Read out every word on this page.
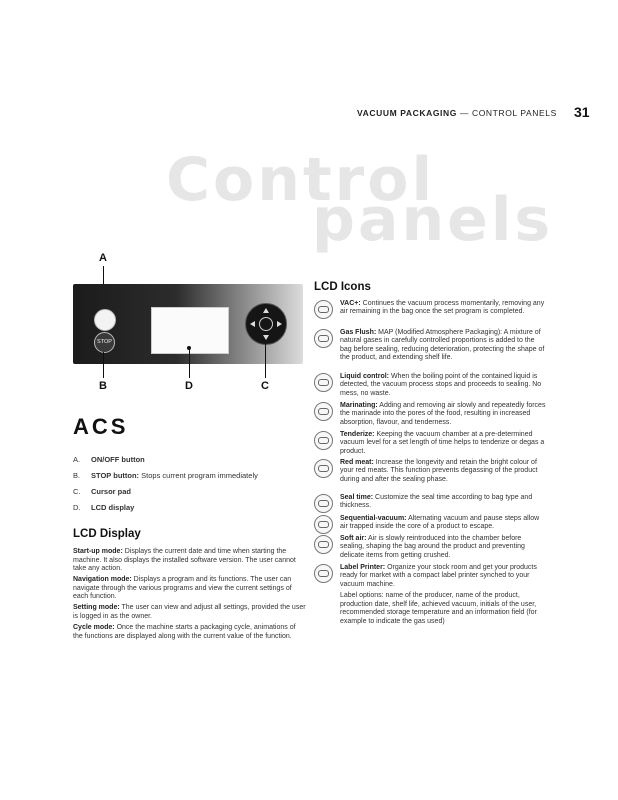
VACUUM PACKAGING — CONTROL PANELS 31
Control
panels
A
STOP
B	D	C
ACS
A. ON/OFF button
B. STOP button: Stops current program immediately
C. Cursor pad
D. LCD display
LCD Display
Start-up mode: Displays the current date and time when starting the machine. It also displays the installed software version. The user cannot take any action.
Navigation mode: Displays a program and its functions. The user can navigate through the various programs and view the current settings of each function.
Setting mode: The user can view and adjust all settings, provided the user is logged in as the owner.
Cycle mode: Once the machine starts a packaging cycle, animations of the functions are displayed along with the current value of the function.
LCD Icons
VAC+: Continues the vacuum process momentarily, removing any air remaining in the bag once the set program is completed.
Gas Flush: MAP (Modified Atmosphere Packaging): A mixture of natural gases in carefully controlled proportions is added to the bag before sealing, reducing deterioration, protecting the shape of the product, and extending shelf life.
Liquid control: When the boiling point of the contained liquid is detected, the vacuum process stops and proceeds to sealing. No mess, no waste.
Marinating: Adding and removing air slowly and repeatedly forces the marinade into the pores of the food, resulting in increased absorption, flavour, and tenderness.
Tenderize: Keeping the vacuum chamber at a pre-determined vacuum level for a set length of time helps to tenderize or degas a product.
Red meat: Increase the longevity and retain the bright colour of your red meats. This function prevents degassing of the product during and after the sealing phase.
Seal time: Customize the seal time according to bag type and thickness.
Sequential-vacuum: Alternating vacuum and pause steps allow air trapped inside the core of a product to escape.
Soft air: Air is slowly reintroduced into the chamber before sealing, shaping the bag around the product and preventing delicate items from getting crushed.
Label Printer: Organize your stock room and get your products ready for market with a compact label printer synched to your vacuum machine.
Label options: name of the producer, name of the product, production date, shelf life, achieved vacuum, initials of the user, recommended storage temperature and an information field (for example to indicate the gas used)
